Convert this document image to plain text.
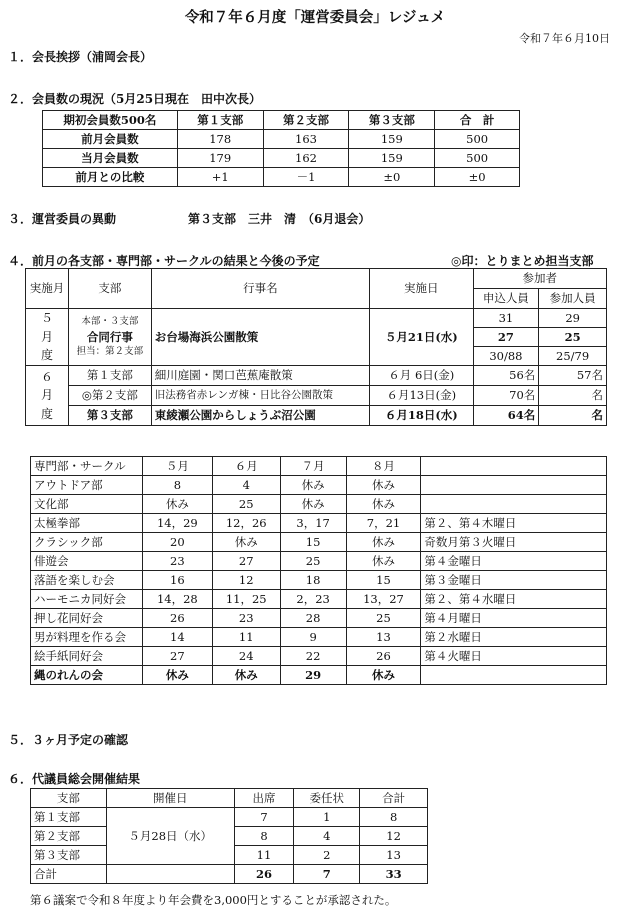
令和７年６月度「運営委員会」レジュメ
令和７年６月10日
１．会長挨拶（浦岡会長）
２．会員数の現況（5月25日現在　田中次長）
期初会員数500名	第１支部	第２支部	第３支部	合　計
前月会員数	178	163	159	500
当月会員数	179	162	159	500
前月との比較	+1	－1	±0	±0
３．運営委員の異動	第３支部　三井　清　（6月退会）
４．前月の各支部・専門部・サークルの結果と今後の予定	◎印：とりまとめ担当支部
実施月	支部	行事名	実施日	参加者	
				申込人員	参加人員
５月度	本部・３支部
合同行事
担当：第２支部	お台場海浜公園散策	５月21日(水)	31	29
				27	25
				30/88	25/79
６月度	第１支部	細川庭園・関口芭蕉庵散策	６月 6日(金)	56名	57名
	◎第２支部	旧法務省赤レンガ棟・日比谷公園散策	６月13日(金)	70名	名
	第３支部	東綾瀬公園からしょうぶ沼公園	６月18日(水)	64名	名
専門部・サークル	５月	６月	７月	８月	
アウトドア部	8	4	休み	休み	
文化部	休み	25	休み	休み	
太極拳部	14，29	12，26	3，17	7，21	第２、第４木曜日
クラシック部	20	休み	15	休み	奇数月第３火曜日
俳遊会	23	27	25	休み	第４金曜日
落語を楽しむ会	16	12	18	15	第３金曜日
ハーモニカ同好会	14，28	11，25	2，23	13，27	第２、第４水曜日
押し花同好会	26	23	28	25	第４月曜日
男が料理を作る会	14	11	9	13	第２水曜日
絵手紙同好会	27	24	22	26	第４火曜日
縄のれんの会	休み	休み	29	休み	
５．３ヶ月予定の確認
６．代議員総会開催結果
支部	開催日	出席	委任状	合計
第１支部	５月28日（水）	7	1	8
第２支部		8	4	12
第３支部		11	2	13
合計		26	7	33
第６議案で令和８年度より年会費を3,000円とすることが承認された。
